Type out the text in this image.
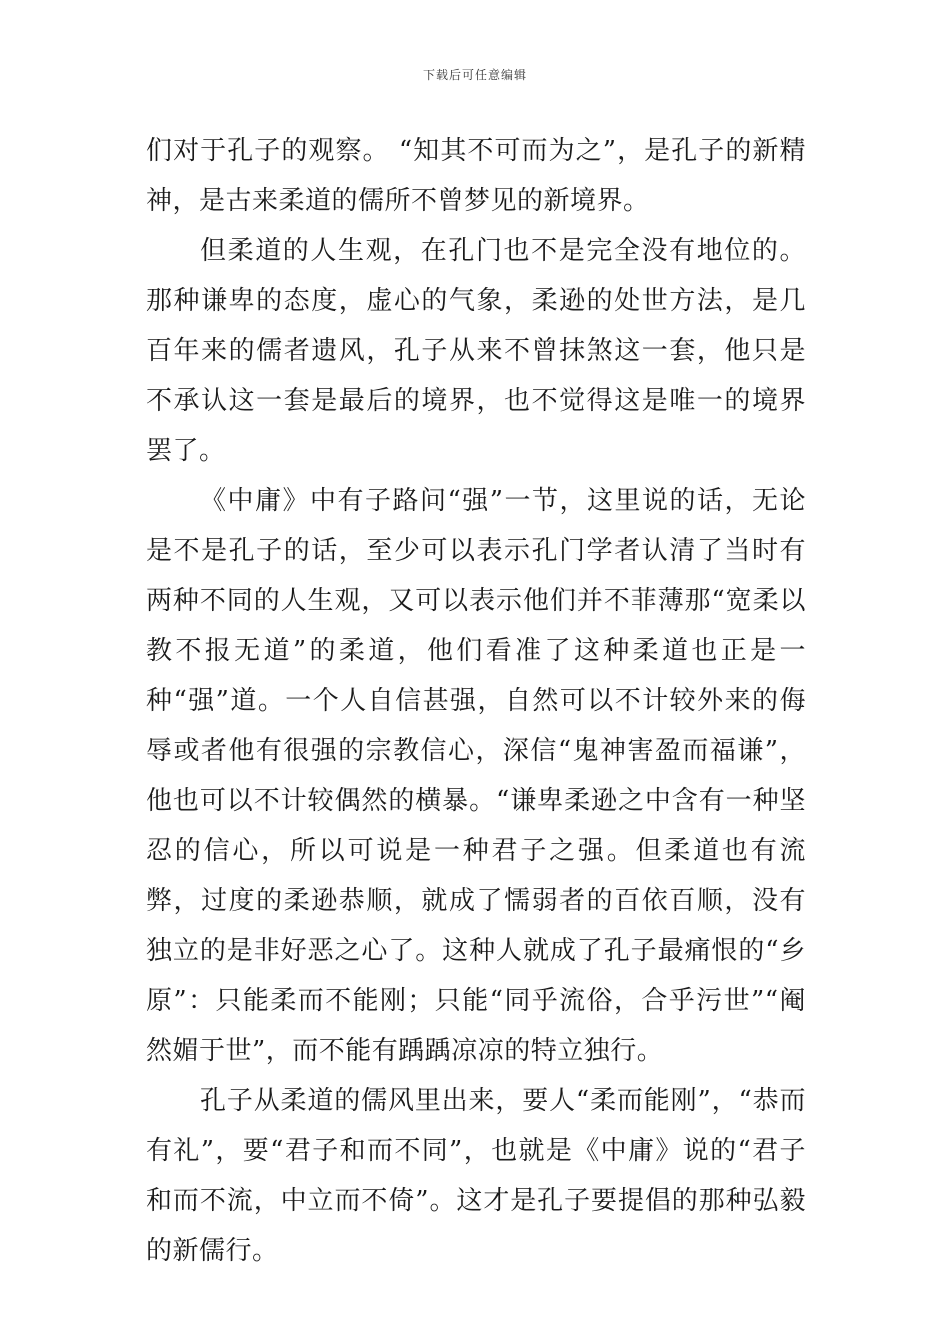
下载后可任意编辑

们对于孔子的观察。 “知其不可而为之”，是孔子的新精神，是古来柔道的儒所不曾梦见的新境界。

但柔道的人生观，在孔门也不是完全没有地位的。那种谦卑的态度，虚心的气象，柔逊的处世方法，是几百年来的儒者遗风，孔子从来不曾抹煞这一套，他只是不承认这一套是最后的境界，也不觉得这是唯一的境界罢了。

《中庸》中有子路问“强”一节，这里说的话，无论是不是孔子的话，至少可以表示孔门学者认清了当时有两种不同的人生观，又可以表示他们并不菲薄那“宽柔以教不报无道”的柔道，他们看准了这种柔道也正是一种“强”道。一个人自信甚强，自然可以不计较外来的侮辱或者他有很强的宗教信心，深信“鬼神害盈而福谦”，他也可以不计较偶然的横暴。“谦卑柔逊之中含有一种坚忍的信心，所以可说是一种君子之强。但柔道也有流弊，过度的柔逊恭顺，就成了懦弱者的百依百顺，没有独立的是非好恶之心了。这种人就成了孔子最痛恨的“乡原”：只能柔而不能刚；只能“同乎流俗，合乎污世”“阉然媚于世”，而不能有踽踽凉凉的特立独行。

孔子从柔道的儒风里出来，要人“柔而能刚”，“恭而有礼”，要“君子和而不同”，也就是《中庸》说的“君子和而不流，中立而不倚”。这才是孔子要提倡的那种弘毅的新儒行。
